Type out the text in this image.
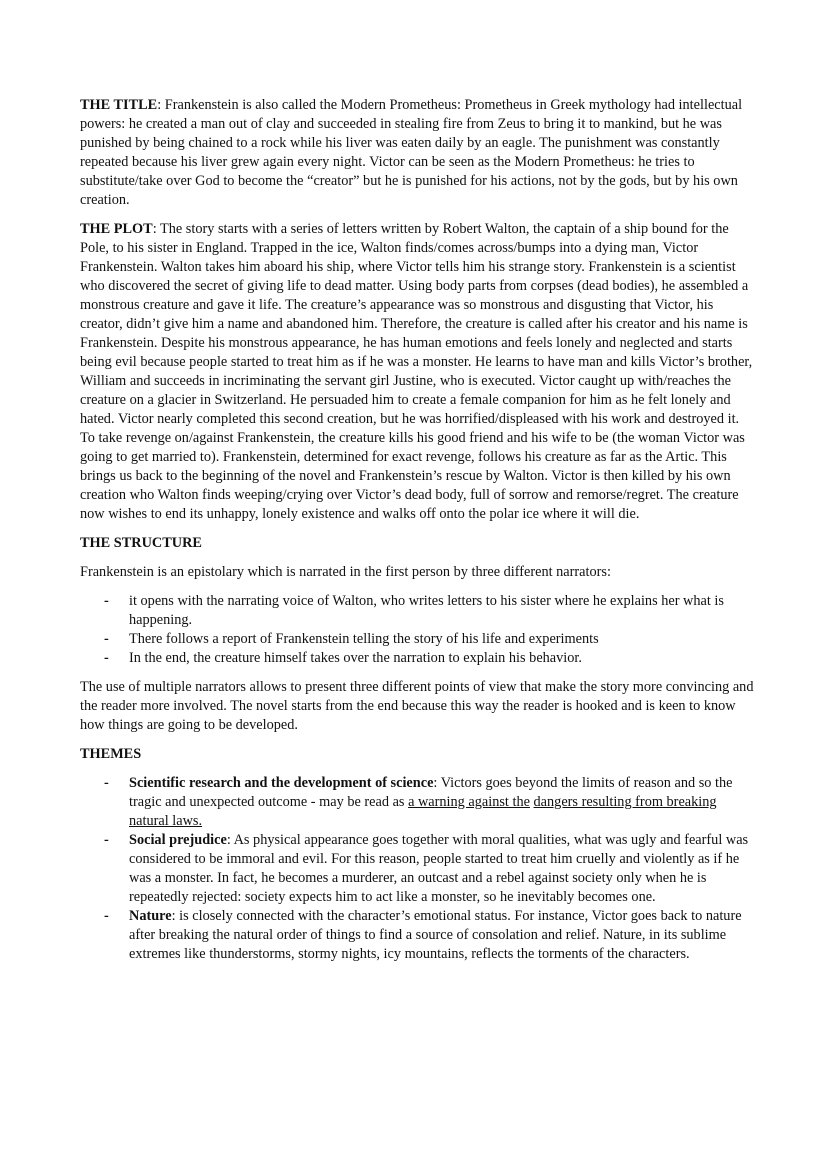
THE TITLE: Frankenstein is also called the Modern Prometheus: Prometheus in Greek mythology had intellectual powers: he created a man out of clay and succeeded in stealing fire from Zeus to bring it to mankind, but he was punished by being chained to a rock while his liver was eaten daily by an eagle. The punishment was constantly repeated because his liver grew again every night. Victor can be seen as the Modern Prometheus: he tries to substitute/take over God to become the “creator” but he is punished for his actions, not by the gods, but by his own creation.

THE PLOT: The story starts with a series of letters written by Robert Walton, the captain of a ship bound for the Pole, to his sister in England. Trapped in the ice, Walton finds/comes across/bumps into a dying man, Victor Frankenstein. Walton takes him aboard his ship, where Victor tells him his strange story. Frankenstein is a scientist who discovered the secret of giving life to dead matter. Using body parts from corpses (dead bodies), he assembled a monstrous creature and gave it life. The creature’s appearance was so monstrous and disgusting that Victor, his creator, didn’t give him a name and abandoned him. Therefore, the creature is called after his creator and his name is Frankenstein. Despite his monstrous appearance, he has human emotions and feels lonely and neglected and starts being evil because people started to treat him as if he was a monster. He learns to have man and kills Victor’s brother, William and succeeds in incriminating the servant girl Justine, who is executed. Victor caught up with/reaches the creature on a glacier in Switzerland. He persuaded him to create a female companion for him as he felt lonely and hated. Victor nearly completed this second creation, but he was horrified/displeased with his work and destroyed it. To take revenge on/against Frankenstein, the creature kills his good friend and his wife to be (the woman Victor was going to get married to). Frankenstein, determined for exact revenge, follows his creature as far as the Artic. This brings us back to the beginning of the novel and Frankenstein’s rescue by Walton. Victor is then killed by his own creation who Walton finds weeping/crying over Victor’s dead body, full of sorrow and remorse/regret. The creature now wishes to end its unhappy, lonely existence and walks off onto the polar ice where it will die.

THE STRUCTURE

Frankenstein is an epistolary which is narrated in the first person by three different narrators:

- it opens with the narrating voice of Walton, who writes letters to his sister where he explains her what is happening.
- There follows a report of Frankenstein telling the story of his life and experiments
- In the end, the creature himself takes over the narration to explain his behavior.

The use of multiple narrators allows to present three different points of view that make the story more convincing and the reader more involved. The novel starts from the end because this way the reader is hooked and is keen to know how things are going to be developed.

THEMES

- Scientific research and the development of science: Victors goes beyond the limits of reason and so the tragic and unexpected outcome - may be read as a warning against the dangers resulting from breaking natural laws.
- Social prejudice: As physical appearance goes together with moral qualities, what was ugly and fearful was considered to be immoral and evil. For this reason, people started to treat him cruelly and violently as if he was a monster. In fact, he becomes a murderer, an outcast and a rebel against society only when he is repeatedly rejected: society expects him to act like a monster, so he inevitably becomes one.
- Nature: is closely connected with the character’s emotional status. For instance, Victor goes back to nature after breaking the natural order of things to find a source of consolation and relief. Nature, in its sublime extremes like thunderstorms, stormy nights, icy mountains, reflects the torments of the characters.
